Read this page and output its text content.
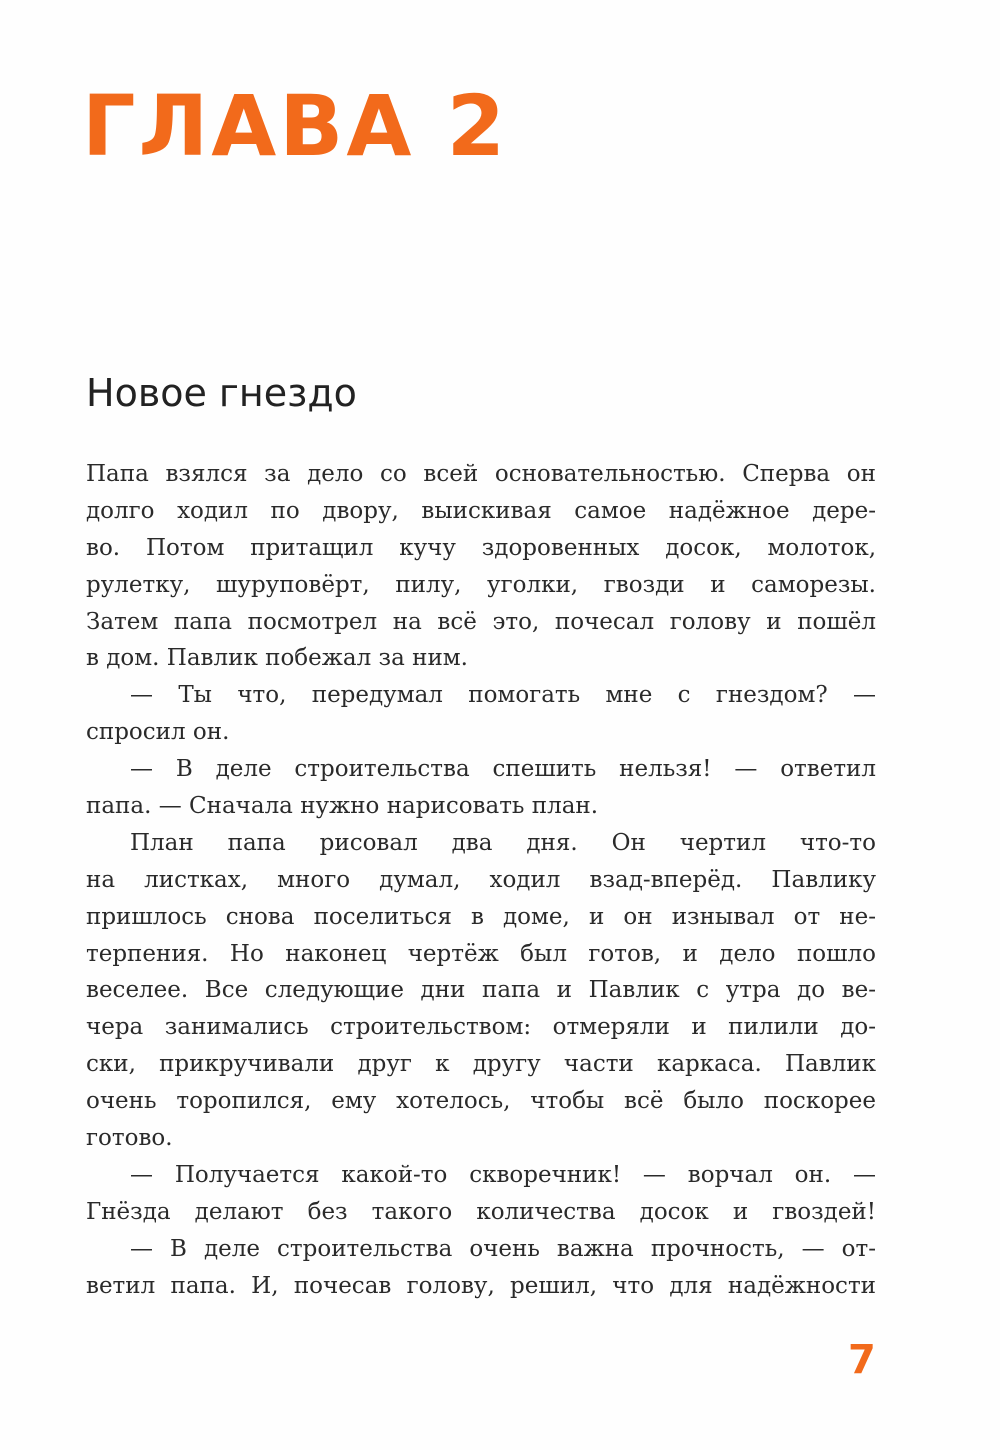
ГЛАВА 2
Новое гнездо
Папа взялся за дело со всей основательностью. Сперва он
долго ходил по двору, выискивая самое надёжное дере-
во. Потом притащил кучу здоровенных досок, молоток,
рулетку, шуруповёрт, пилу, уголки, гвозди и саморезы.
Затем папа посмотрел на всё это, почесал голову и пошёл
в дом. Павлик побежал за ним.
— Ты что, передумал помогать мне с гнездом? —
спросил он.
— В деле строительства спешить нельзя! — ответил
папа. — Сначала нужно нарисовать план.
План папа рисовал два дня. Он чертил что-то
на листках, много думал, ходил взад-вперёд. Павлику
пришлось снова поселиться в доме, и он изнывал от не-
терпения. Но наконец чертёж был готов, и дело пошло
веселее. Все следующие дни папа и Павлик с утра до ве-
чера занимались строительством: отмеряли и пилили до-
ски, прикручивали друг к другу части каркаса. Павлик
очень торопился, ему хотелось, чтобы всё было поскорее
готово.
— Получается какой-то скворечник! — ворчал он. —
Гнёзда делают без такого количества досок и гвоздей!
— В деле строительства очень важна прочность, — от-
ветил папа. И, почесав голову, решил, что для надёжности
7
